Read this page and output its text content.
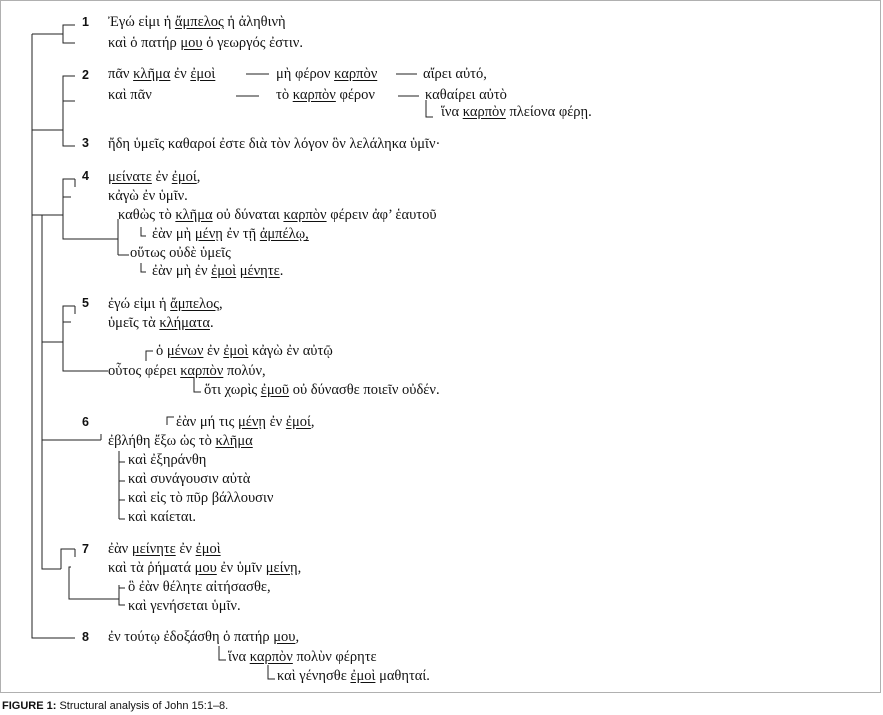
1
2
3
4
5
6
7
8
Ἐγώ εἰμι ἡ ἄμπελος ἡ ἀληθινὴ
καὶ ὁ πατήρ μου ὁ γεωργός ἐστιν.
πᾶν κλῆμα ἐν ἐμοὶ	μὴ φέρον καρπὸν	αἴρει αὐτό,
καὶ πᾶν	τὸ καρπὸν φέρον	καθαίρει αὐτὸ
ἵνα καρπὸν πλείονα φέρῃ.
ἤδη ὑμεῖς καθαροί ἐστε διὰ τὸν λόγον ὃν λελάληκα ὑμῖν·
μείνατε ἐν ἐμοί,
κἀγὼ ἐν ὑμῖν.
καθὼς τὸ κλῆμα οὐ δύναται καρπὸν φέρειν ἀφ’ ἑαυτοῦ
ἐὰν μὴ μένῃ ἐν τῇ ἀμπέλῳ,
οὕτως οὐδὲ ὑμεῖς
ἐὰν μὴ ἐν ἐμοὶ μένητε.
ἐγώ εἰμι ἡ ἄμπελος,
ὑμεῖς τὰ κλήματα.
ὁ μένων ἐν ἐμοὶ κἀγὼ ἐν αὐτῷ
οὗτος φέρει καρπὸν πολύν,
ὅτι χωρὶς ἐμοῦ οὐ δύνασθε ποιεῖν οὐδέν.
ἐὰν μή τις μένῃ ἐν ἐμοί,
ἐβλήθη ἔξω ὡς τὸ κλῆμα
καὶ ἐξηράνθη
καὶ συνάγουσιν αὐτὰ
καὶ εἰς τὸ πῦρ βάλλουσιν
καὶ καίεται.
ἐὰν μείνητε ἐν ἐμοὶ
καὶ τὰ ῥήματά μου ἐν ὑμῖν μείνῃ,
ὃ ἐὰν θέλητε αἰτήσασθε,
καὶ γενήσεται ὑμῖν.
ἐν τούτῳ ἐδοξάσθη ὁ πατήρ μου,
ἵνα καρπὸν πολὺν φέρητε
καὶ γένησθε ἐμοὶ μαθηταί.
FIGURE 1: Structural analysis of John 15:1–8.
